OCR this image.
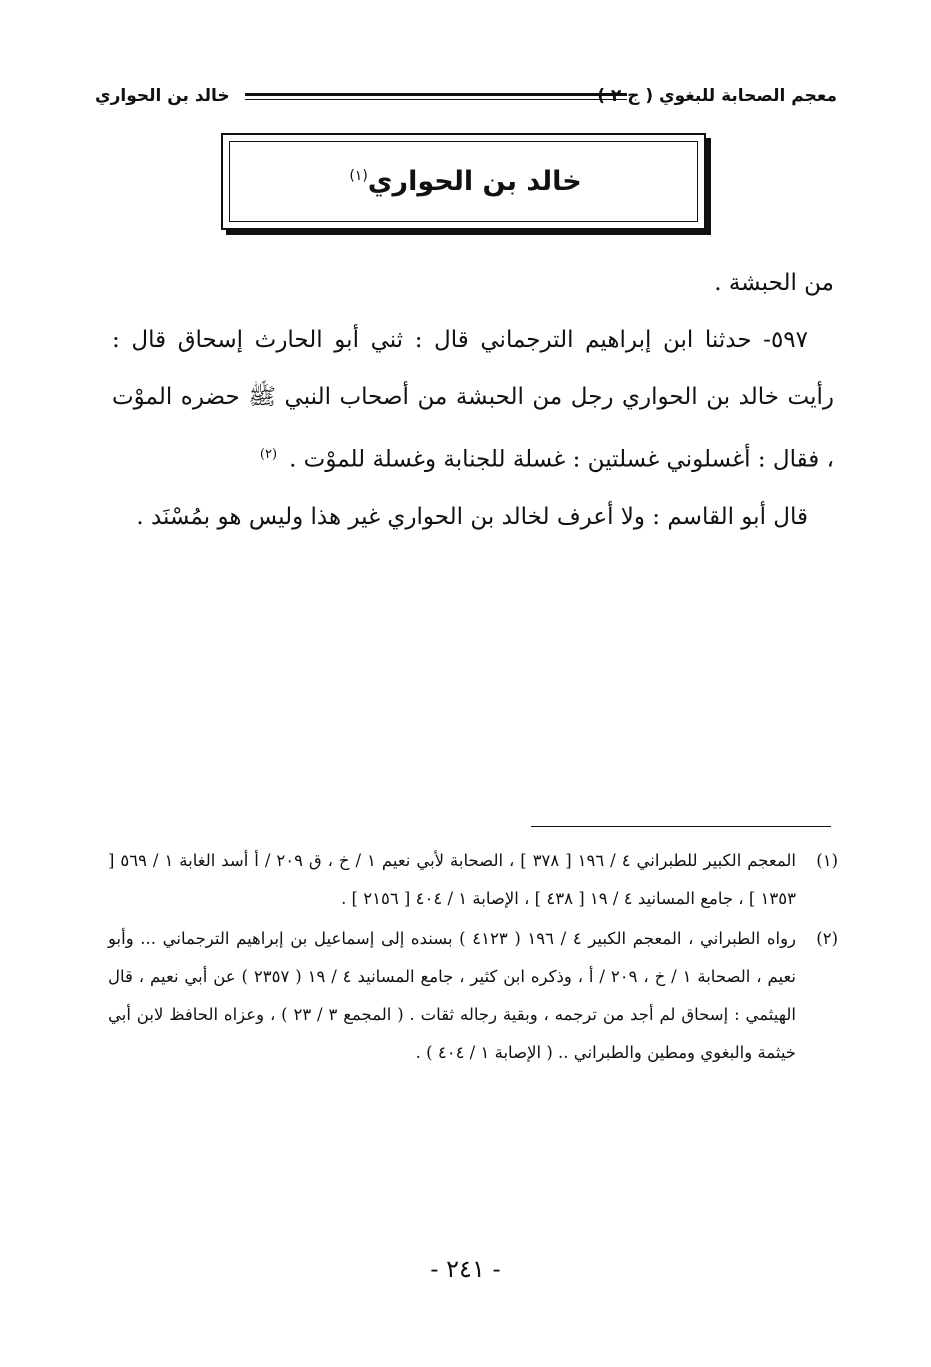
معجم الصحابة للبغوي ( ج ٢ )
خالد بن الحواري
خالد بن الحواري$^{(١)}$

من الحبشة .

٥٩٧- حدثنا ابن إبراهيم الترجماني قال : ثني أبو الحارث إسحاق قال : رأيت خالد بن الحواري رجل من الحبشة من أصحاب النبي ﷺ حضره الموْت ، فقال : أغسلوني غسلتين : غسلة للجنابة وغسلة للموْت .$^{(٢)}$

قال أبو القاسم : ولا أعرف لخالد بن الحواري غير هذا وليس هو بمُسْنَد .

(١)
المعجم الكبير للطبراني ٤ / ١٩٦ [ ٣٧٨ ] ، الصحابة لأبي نعيم ١ / خ ، ق ٢٠٩ / أ أسد الغابة ١ / ٥٦٩ [ ١٣٥٣ ] ، جامع المسانيد ٤ / ١٩ [ ٤٣٨ ] ، الإصابة ١ / ٤٠٤ [ ٢١٥٦ ] .
(٢)
رواه الطبراني ، المعجم الكبير ٤ / ١٩٦ ( ٤١٢٣ ) بسنده إلى إسماعيل بن إبراهيم الترجماني ... وأبو نعيم ، الصحابة ١ / خ ، ٢٠٩ / أ ، وذكره ابن كثير ، جامع المسانيد ٤ / ١٩ ( ٢٣٥٧ ) عن أبي نعيم ، قال الهيثمي : إسحاق لم أجد من ترجمه ، وبقية رجاله ثقات . ( المجمع ٣ / ٢٣ ) ، وعزاه الحافظ لابن أبي خيثمة والبغوي ومطين والطبراني .. ( الإصابة ١ / ٤٠٤ ) .
- ٢٤١ -
